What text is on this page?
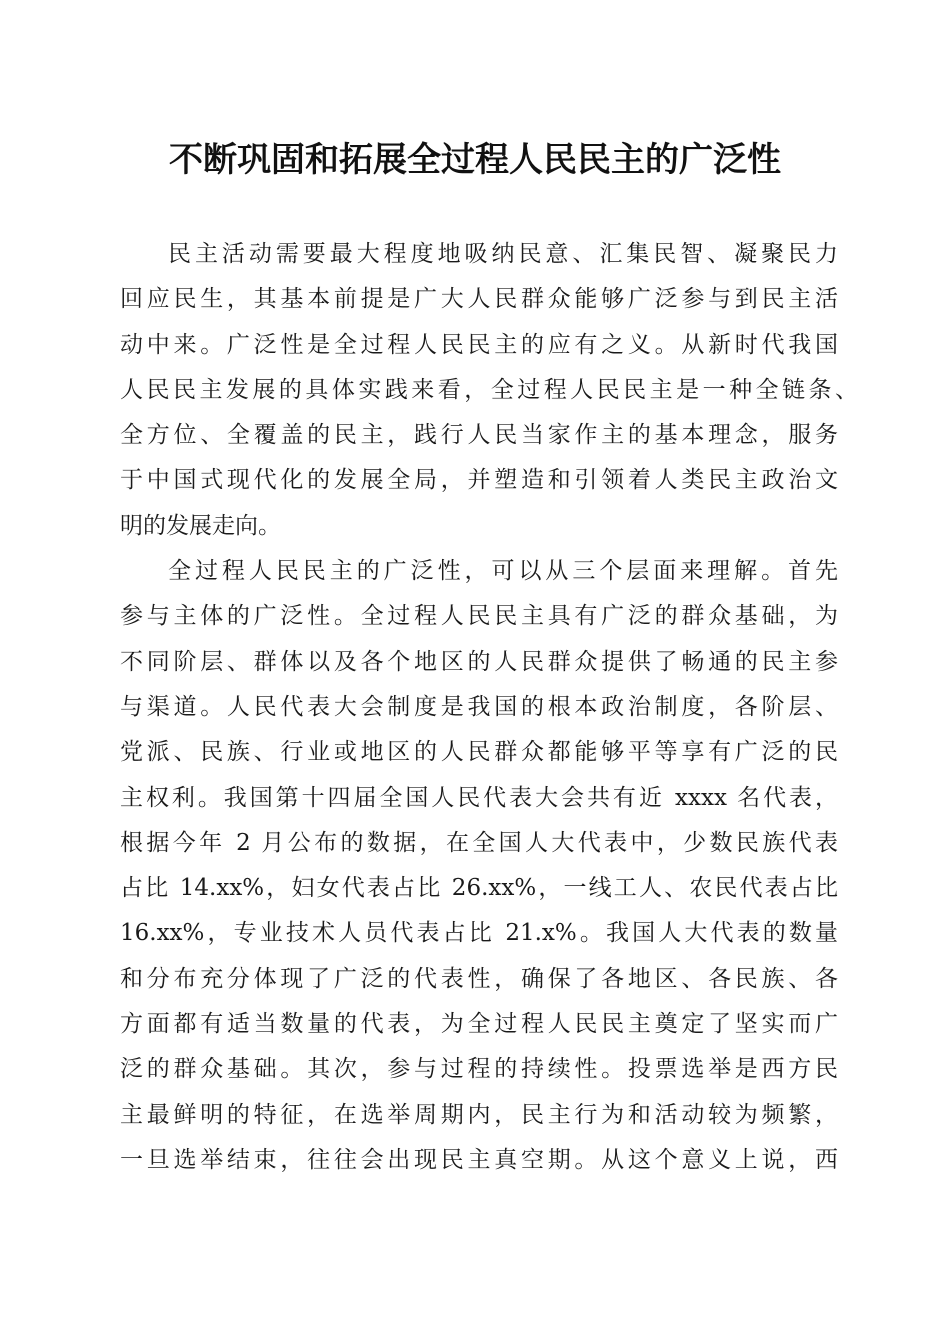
不断巩固和拓展全过程人民民主的广泛性
民主活动需要最大程度地吸纳民意、汇集民智、凝聚民力
回应民生，其基本前提是广大人民群众能够广泛参与到民主活
动中来。广泛性是全过程人民民主的应有之义。从新时代我国
人民民主发展的具体实践来看，全过程人民民主是一种全链条、
全方位、全覆盖的民主，践行人民当家作主的基本理念，服务
于中国式现代化的发展全局，并塑造和引领着人类民主政治文
明的发展走向。
全过程人民民主的广泛性，可以从三个层面来理解。首先
参与主体的广泛性。全过程人民民主具有广泛的群众基础，为
不同阶层、群体以及各个地区的人民群众提供了畅通的民主参
与渠道。人民代表大会制度是我国的根本政治制度，各阶层、
党派、民族、行业或地区的人民群众都能够平等享有广泛的民
主权利。我国第十四届全国人民代表大会共有近 xxxx 名代表，
根据今年 2 月公布的数据，在全国人大代表中，少数民族代表
占比 14.xx%，妇女代表占比 26.xx%，一线工人、农民代表占比
16.xx%，专业技术人员代表占比 21.x%。我国人大代表的数量
和分布充分体现了广泛的代表性，确保了各地区、各民族、各
方面都有适当数量的代表，为全过程人民民主奠定了坚实而广
泛的群众基础。其次，参与过程的持续性。投票选举是西方民
主最鲜明的特征，在选举周期内，民主行为和活动较为频繁，
一旦选举结束，往往会出现民主真空期。从这个意义上说，西
